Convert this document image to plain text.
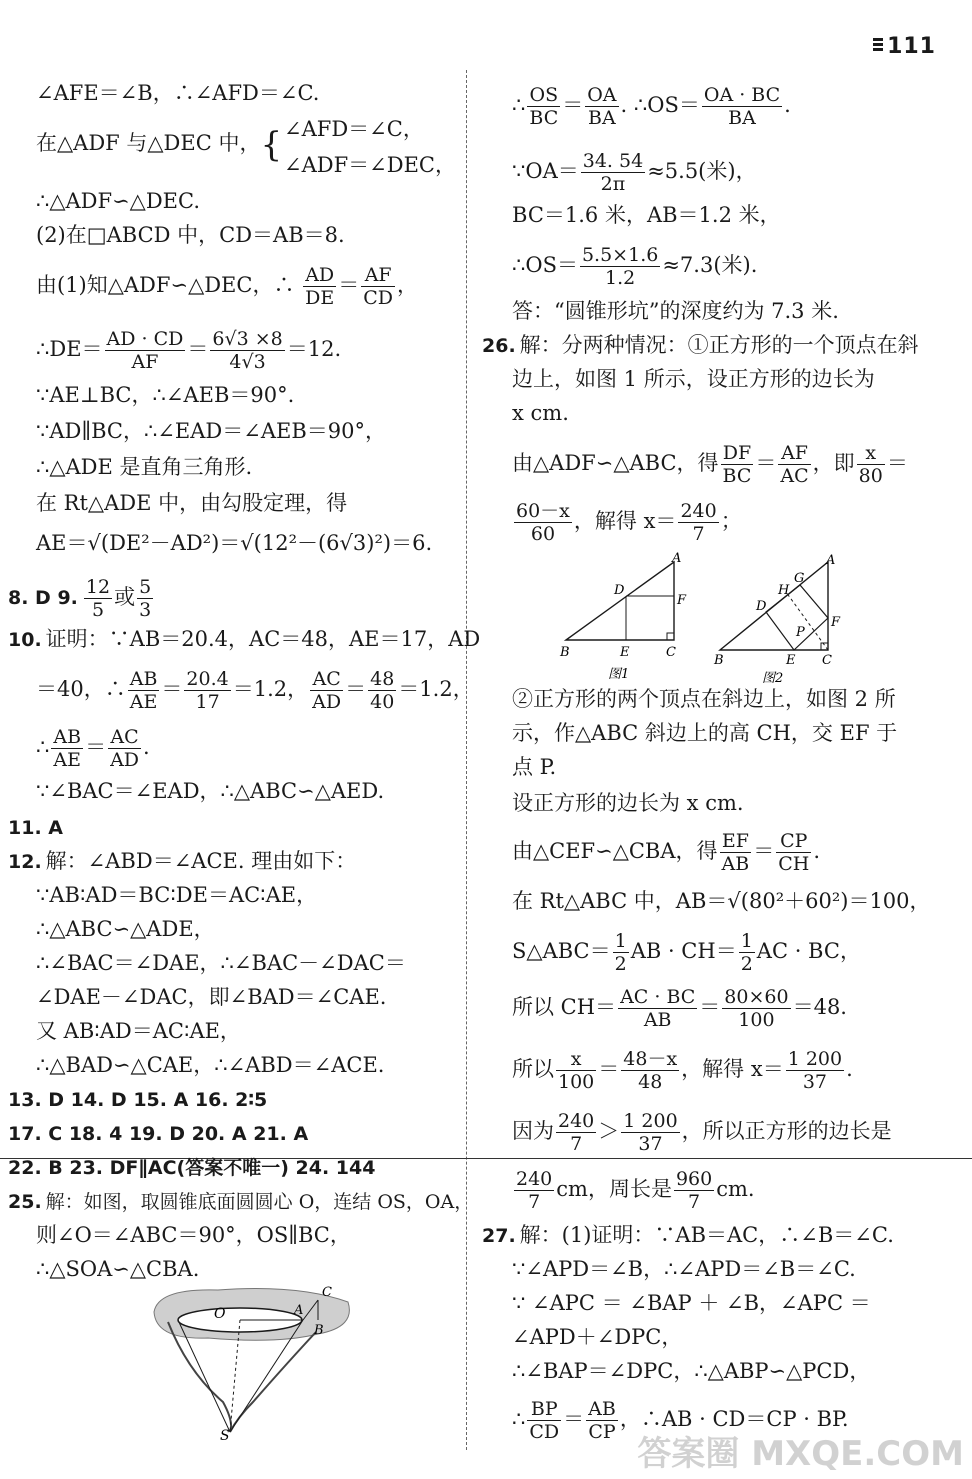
111
∠AFE＝∠B，∴∠AFD＝∠C.
在△ADF 与△DEC 中，{ ∠AFD＝∠C，
∠ADF＝∠DEC，
∴△ADF∽△DEC.
(2)在□ABCD 中，CD＝AB＝8.
由(1)知△ADF∽△DEC，∴ $\frac{AD}{DE} = \frac{AF}{CD}$ ，
∴DE＝ $\frac{AD \cdot CD}{AF} = \frac{6√3 \times 8}{4√3} =12$.
∵AE⊥BC，∴∠AEB＝90°.
∵AD∥BC，∴∠EAD＝∠AEB＝90°，
∴△ADE 是直角三角形.
在 Rt△ADE 中，由勾股定理，得
AE＝√(DE²－AD²)＝√(12²－(6√3)²)＝6.
8. D 9. $\frac{12}{5}$ 或 $\frac{5}{3}$
10. 证明：∵AB＝20.4，AC＝48，AE＝17，AD
＝40，∴ $\frac{AB}{AE} = \frac{20.4}{17} =1.2$， $\frac{AC}{AD} = \frac{48}{40} =1.2$，
∴ $\frac{AB}{AE} = \frac{AC}{AD}$ .
∵∠BAC＝∠EAD，∴△ABC∽△AED.
11. A
12. 解：∠ABD＝∠ACE. 理由如下：
∵AB∶AD＝BC∶DE＝AC∶AE，
∴△ABC∽△ADE，
∴∠BAC＝∠DAE，∴∠BAC－∠DAC＝
∠DAE－∠DAC，即∠BAD＝∠CAE.
又 AB∶AD＝AC∶AE，
∴△BAD∽△CAE，∴∠ABD＝∠ACE.
13. D 14. D 15. A 16. 2∶5
17. C 18. 4 19. D 20. A 21. A
22. B 23. DF∥AC(答案不唯一) 24. 144
25. 解：如图，取圆锥底面圆圆心 O，连结 OS，OA，
则∠O＝∠ABC＝90°，OS∥BC，
∴△SOA∽△CBA.
O	A
C
B
S
∴ $\frac{OS}{BC} = \frac{OA}{BA}$ . ∴OS＝ $\frac{OA \cdot BC}{BA}$ .
∵OA＝ $\frac{34. 54}{2\pi} \approx 5.5$(米)，
BC＝1.6 米，AB＝1.2 米，
∴OS＝ $\frac{5.5\times 1.6}{1.2} \approx 7.3$(米).
答：“圆锥形坑”的深度约为 7.3 米.
26. 解：分两种情况：①正方形的一个顶点在斜
边上，如图 1 所示，设正方形的边长为
x cm.
由△ADF∽△ABC，得 $\frac{DF}{BC} = \frac{AF}{AC}$ ，即 $\frac{x}{80}$ ＝
$\frac{60-x}{60}$ ，解得 $x= \frac{240}{7}$ ；
②正方形的两个顶点在斜边上，如图 2 所
示，作△ABC 斜边上的高 CH，交 EF 于
点 P.
设正方形的边长为 x cm.
由△CEF∽△CBA，得 $\frac{EF}{AB} = \frac{CP}{CH}$ .
在 Rt△ABC 中，AB＝√(80²＋60²)＝100，
S△ABC＝ $\frac{1}{2}$ AB · $CH= \frac{1}{2}$ AC · BC，
所以 $CH= \frac{AC \cdot BC}{AB} = \frac{80\times 60}{100} =48$.
所以 $\frac{x}{100} = \frac{48-x}{48}$ ，解得 $x= \frac{1 200}{37}$ .
因为 $\frac{240}{7} > \frac{1 200}{37}$ ，所以正方形的边长是
$\frac{240}{7}$ cm，周长是 $\frac{960}{7}$ cm.
27. 解：(1)证明：∵AB＝AC，∴∠B＝∠C.
∵∠APD＝∠B，∴∠APD＝∠B＝∠C.
∵ ∠APC ＝ ∠BAP ＋ ∠B，∠APC ＝
∠APD＋∠DPC，
∴∠BAP＝∠DPC，∴△ABP∽△PCD，
∴ $\frac{BP}{CD} = \frac{AB}{CP}$ ，∴AB · CD＝CP · BP.
A
D
F
B	E	C
图1
A
G
H
D
F
P
B	E C
图2
答案圈 MXQE.COM
